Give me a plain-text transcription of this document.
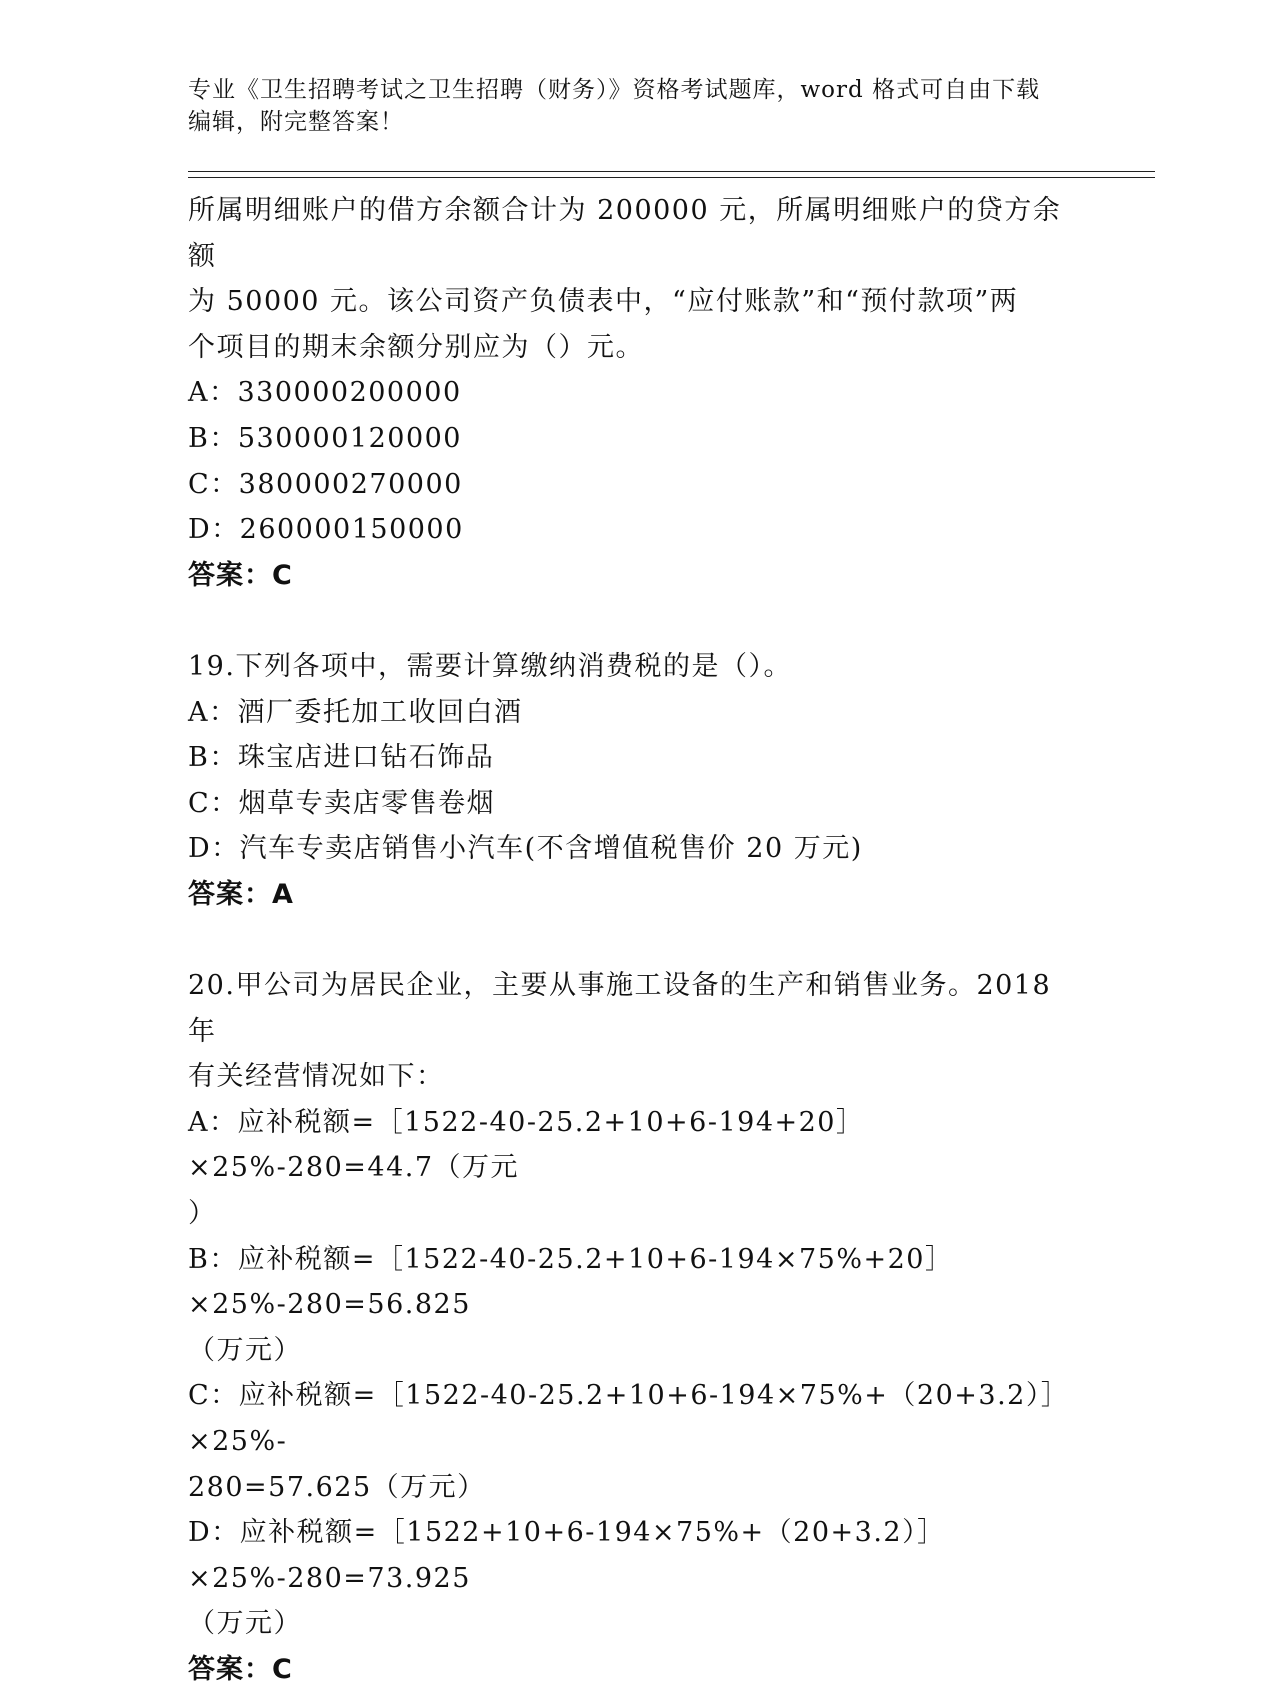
专业《卫生招聘考试之卫生招聘（财务）》资格考试题库，word 格式可自由下载
编辑，附完整答案！

所属明细账户的借方余额合计为 200000 元，所属明细账户的贷方余额

为 50000 元。该公司资产负债表中，“应付账款”和“预付款项”两

个项目的期末余额分别应为（）元。

A：330000200000

B：530000120000

C：380000270000

D：260000150000

答案：C

19.下列各项中，需要计算缴纳消费税的是（）。

A：酒厂委托加工收回白酒

B：珠宝店进口钻石饰品

C：烟草专卖店零售卷烟

D：汽车专卖店销售小汽车(不含增值税售价 20 万元)

答案：A

20.甲公司为居民企业，主要从事施工设备的生产和销售业务。2018 年

有关经营情况如下：

A：应补税额=［1522-40-25.2+10+6-194+20］×25%-280=44.7（万元

）

B：应补税额=［1522-40-25.2+10+6-194×75%+20］×25%-280=56.825

（万元）

C：应补税额=［1522-40-25.2+10+6-194×75%+（20+3.2）］×25%-

280=57.625（万元）

D：应补税额=［1522+10+6-194×75%+（20+3.2）］×25%-280=73.925

（万元）

答案：C
